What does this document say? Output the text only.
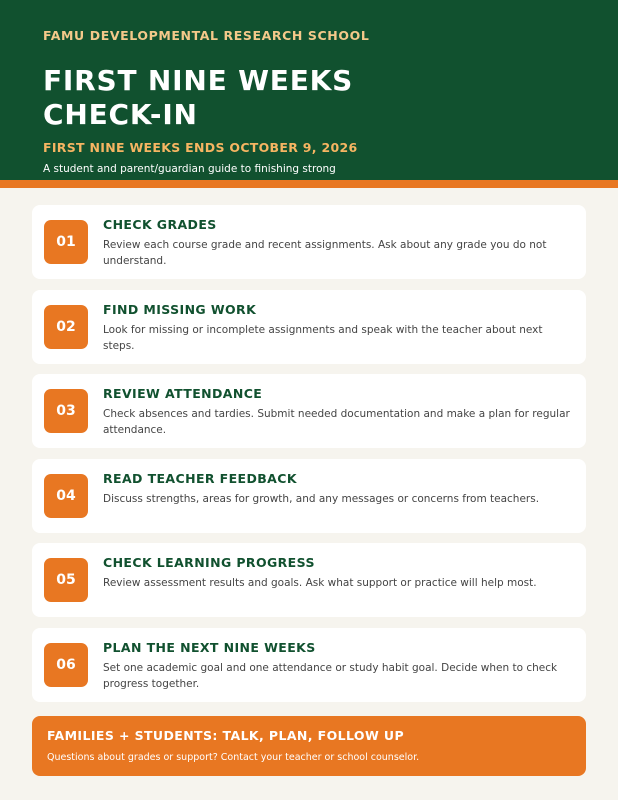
FAMU DEVELOPMENTAL RESEARCH SCHOOL
FIRST NINE WEEKS
CHECK-IN
FIRST NINE WEEKS ENDS OCTOBER 9, 2026
A student and parent/guardian guide to finishing strong
01
CHECK GRADES
Review each course grade and recent assignments. Ask about any grade you do not understand.
02
FIND MISSING WORK
Look for missing or incomplete assignments and speak with the teacher about next steps.
03
REVIEW ATTENDANCE
Check absences and tardies. Submit needed documentation and make a plan for regular attendance.
04
READ TEACHER FEEDBACK
Discuss strengths, areas for growth, and any messages or concerns from teachers.
05
CHECK LEARNING PROGRESS
Review assessment results and goals. Ask what support or practice will help most.
06
PLAN THE NEXT NINE WEEKS
Set one academic goal and one attendance or study habit goal. Decide when to check progress together.
FAMILIES + STUDENTS: TALK, PLAN, FOLLOW UP
Questions about grades or support? Contact your teacher or school counselor.
